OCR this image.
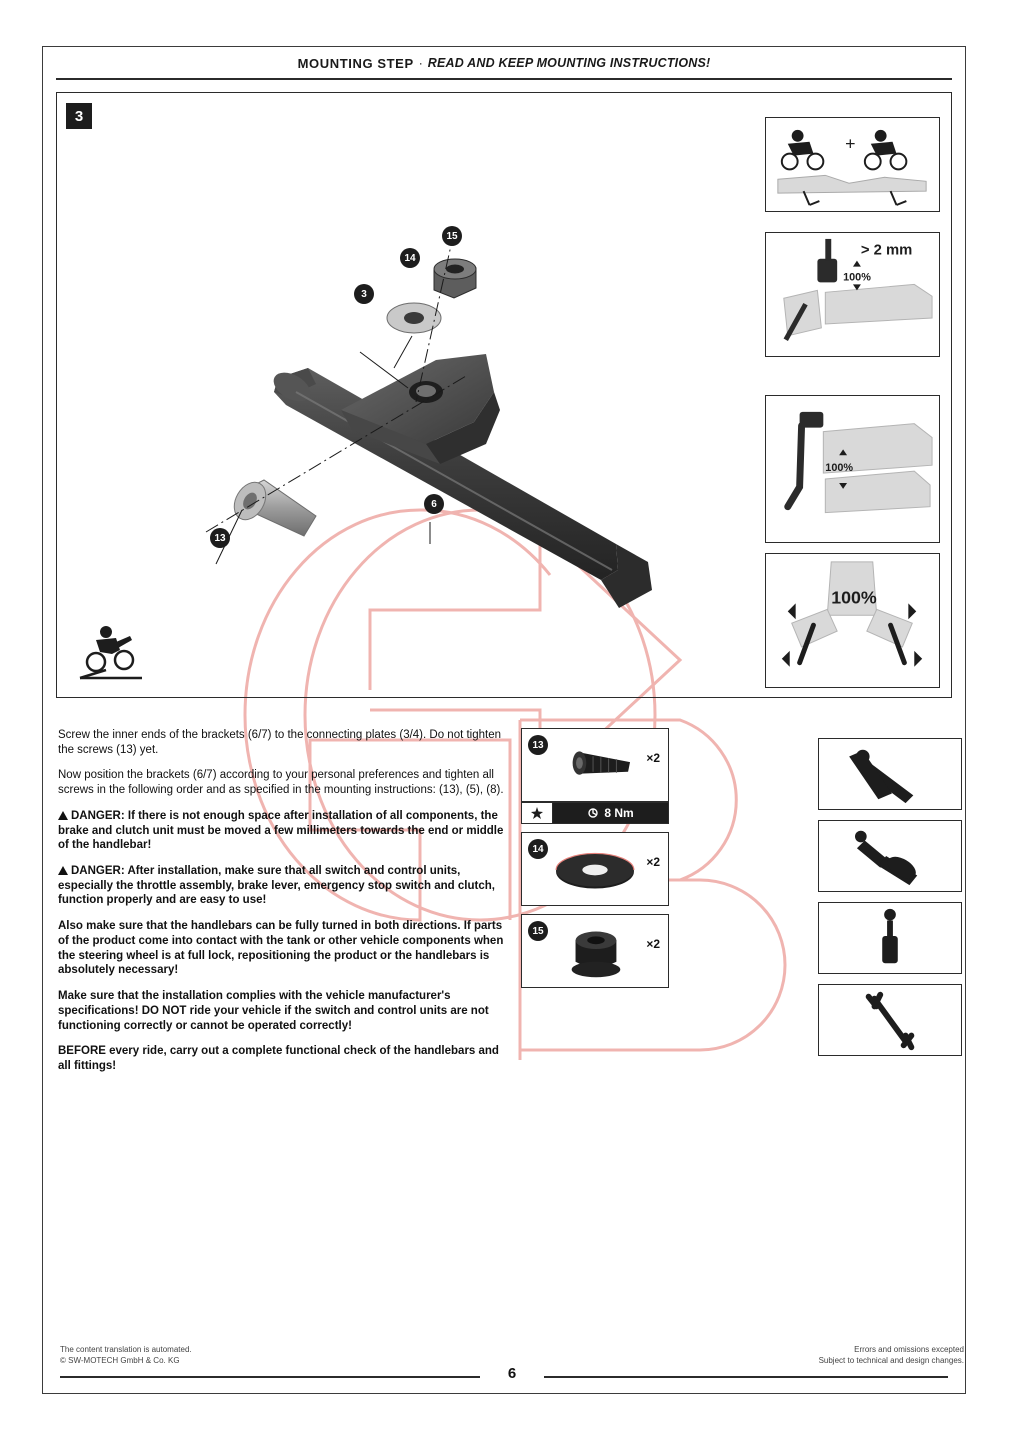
MOUNTING STEP · READ AND KEEP MOUNTING INSTRUCTIONS!
3
15
14
3
6
13
+
> 2 mm
100%
100%
100%

Screw the inner ends of the brackets (6/7) to the connecting plates (3/4). Do not tighten the screws (13) yet.

Now position the brackets (6/7) according to your personal preferences and tighten all screws in the following order and as specified in the mounting instructions: (13), (5), (8).

DANGER: If there is not enough space after installation of all components, the brake and clutch unit must be moved a few millimeters towards the end or middle of the handlebar!

DANGER: After installation, make sure that all switch and control units, especially the throttle assembly, brake lever, emergency stop switch and clutch, function properly and are easy to use!

Also make sure that the handlebars can be fully turned in both directions. If parts of the product come into contact with the tank or other vehicle components when the steering wheel is at full lock, repositioning the product or the handlebars is absolutely necessary!

Make sure that the installation complies with the vehicle manufacturer's specifications! DO NOT ride your vehicle if the switch and control units are not functioning correctly or cannot be operated correctly!

BEFORE every ride, carry out a complete functional check of the handlebars and all fittings!

13
×2
8 Nm
14
×2
15
×2
6
The content translation is automated.
© SW-MOTECH GmbH & Co. KG
Errors and omissions excepted
Subject to technical and design changes.
